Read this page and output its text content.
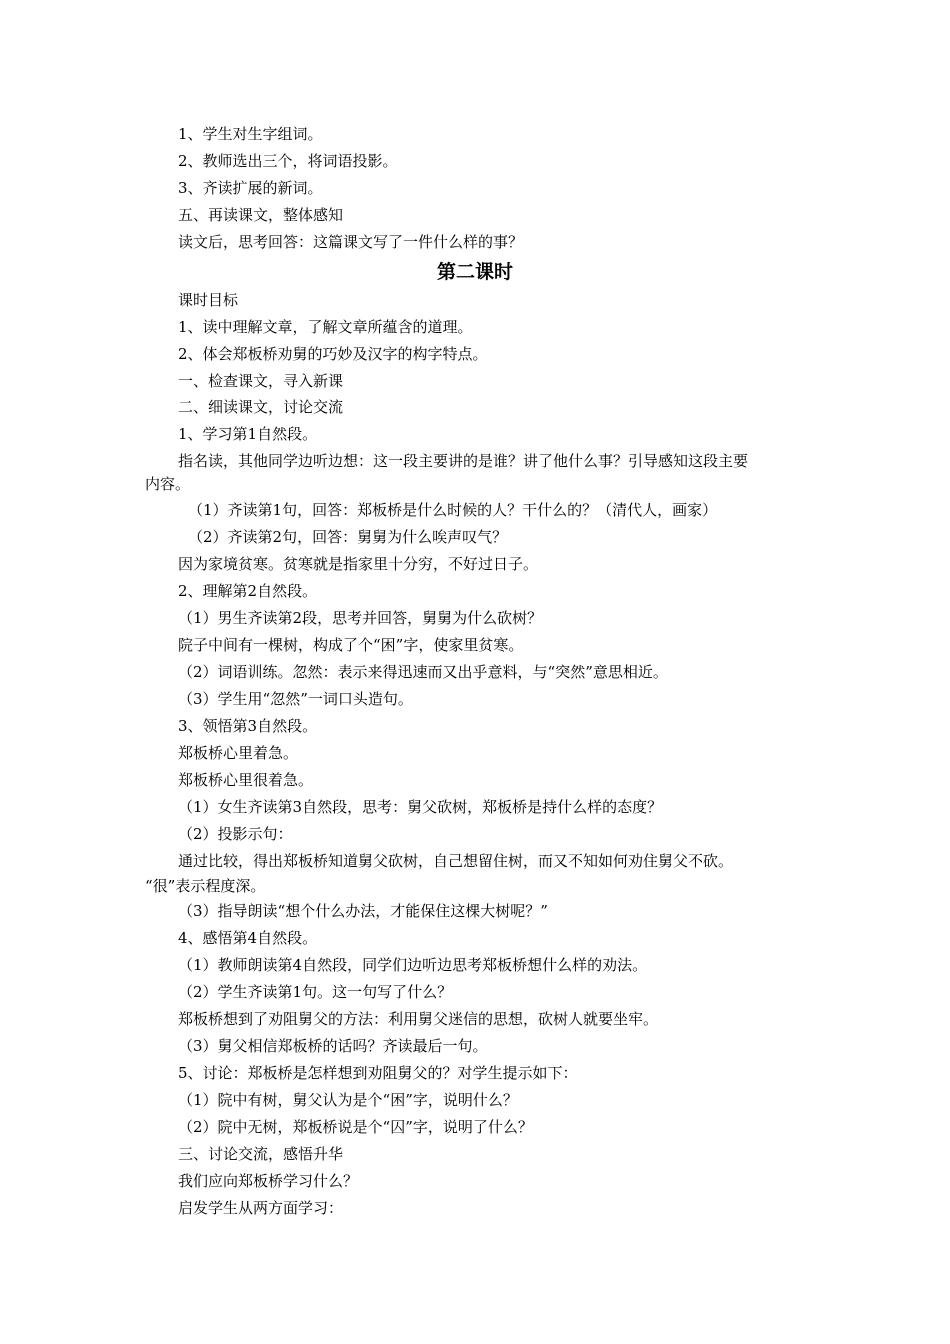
1、学生对生字组词。
2、教师选出三个，将词语投影。
3、齐读扩展的新词。
五、再读课文，整体感知
读文后，思考回答：这篇课文写了一件什么样的事？
第二课时
课时目标
1、读中理解文章，了解文章所蕴含的道理。
2、体会郑板桥劝舅的巧妙及汉字的构字特点。
一、检查课文，寻入新课
二、细读课文，讨论交流
1、学习第1自然段。
指名读，其他同学边听边想：这一段主要讲的是谁？讲了他什么事？引导感知这段主要
内容。
（1）齐读第1句，回答：郑板桥是什么时候的人？干什么的？（清代人，画家）
（2）齐读第2句，回答：舅舅为什么唉声叹气？
因为家境贫寒。贫寒就是指家里十分穷，不好过日子。
2、理解第2自然段。
（1）男生齐读第2段，思考并回答，舅舅为什么砍树？
院子中间有一棵树，构成了个“困”字，使家里贫寒。
（2）词语训练。忽然：表示来得迅速而又出乎意料，与“突然”意思相近。
（3）学生用“忽然”一词口头造句。
3、领悟第3自然段。
郑板桥心里着急。
郑板桥心里很着急。
（1）女生齐读第3自然段，思考：舅父砍树，郑板桥是持什么样的态度？
（2）投影示句：
通过比较，得出郑板桥知道舅父砍树，自己想留住树，而又不知如何劝住舅父不砍。
“很”表示程度深。
（3）指导朗读“想个什么办法，才能保住这棵大树呢？”
4、感悟第4自然段。
（1）教师朗读第4自然段，同学们边听边思考郑板桥想什么样的劝法。
（2）学生齐读第1句。这一句写了什么？
郑板桥想到了劝阻舅父的方法：利用舅父迷信的思想，砍树人就要坐牢。
（3）舅父相信郑板桥的话吗？齐读最后一句。
5、讨论：郑板桥是怎样想到劝阻舅父的？对学生提示如下：
（1）院中有树，舅父认为是个“困”字，说明什么？
（2）院中无树，郑板桥说是个“囚”字，说明了什么？
三、讨论交流，感悟升华
我们应向郑板桥学习什么？
启发学生从两方面学习：
